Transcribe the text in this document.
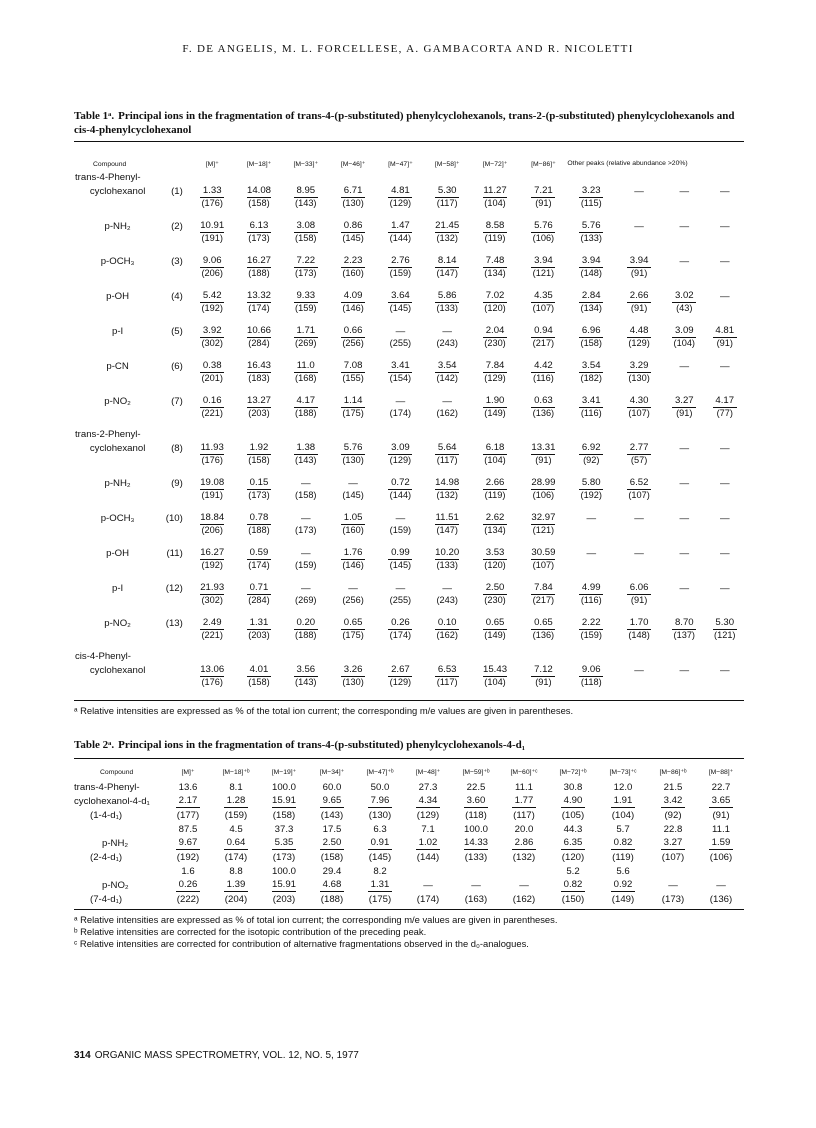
F. DE ANGELIS, M. L. FORCELLESE, A. GAMBACORTA AND R. NICOLETTI
Table 1ᵃ. Principal ions in the fragmentation of trans-4-(p-substituted) phenylcyclohexanols, trans-2-(p-substituted) phenylcyclohexanols and cis-4-phenylcyclohexanol
Compound		[M]⁺	[M−18]⁺	[M−33]⁺	[M−46]⁺	[M−47]⁺	[M−58]⁺	[M−72]⁺	[M−86]⁺	Other peaks (relative abundance >20%)			
trans-4-Phenyl-													
cyclohexanol	(1)	1.33	14.08	8.95	6.71	4.81	5.30	11.27	7.21	3.23	—	—	—
		(176)	(158)	(143)	(130)	(129)	(117)	(104)	(91)	(115)			
p-NH₂	(2)	10.91	6.13	3.08	0.86	1.47	21.45	8.58	5.76	5.76	—	—	—
		(191)	(173)	(158)	(145)	(144)	(132)	(119)	(106)	(133)			
p-OCH₃	(3)	9.06	16.27	7.22	2.23	2.76	8.14	7.48	3.94	3.94	3.94	—	—
		(206)	(188)	(173)	(160)	(159)	(147)	(134)	(121)	(148)	(91)		
p-OH	(4)	5.42	13.32	9.33	4.09	3.64	5.86	7.02	4.35	2.84	2.66	3.02	—
		(192)	(174)	(159)	(146)	(145)	(133)	(120)	(107)	(134)	(91)	(43)	
p-I	(5)	3.92	10.66	1.71	0.66	—	—	2.04	0.94	6.96	4.48	3.09	4.81
		(302)	(284)	(269)	(256)	(255)	(243)	(230)	(217)	(158)	(129)	(104)	(91)
p-CN	(6)	0.38	16.43	11.0	7.08	3.41	3.54	7.84	4.42	3.54	3.29	—	—
		(201)	(183)	(168)	(155)	(154)	(142)	(129)	(116)	(182)	(130)		
p-NO₂	(7)	0.16	13.27	4.17	1.14	—	—	1.90	0.63	3.41	4.30	3.27	4.17
		(221)	(203)	(188)	(175)	(174)	(162)	(149)	(136)	(116)	(107)	(91)	(77)
trans-2-Phenyl-													
cyclohexanol	(8)	11.93	1.92	1.38	5.76	3.09	5.64	6.18	13.31	6.92	2.77	—	—
		(176)	(158)	(143)	(130)	(129)	(117)	(104)	(91)	(92)	(57)		
p-NH₂	(9)	19.08	0.15	—	—	0.72	14.98	2.66	28.99	5.80	6.52	—	—
		(191)	(173)	(158)	(145)	(144)	(132)	(119)	(106)	(192)	(107)		
p-OCH₃	(10)	18.84	0.78	—	1.05	—	11.51	2.62	32.97	—	—	—	—
		(206)	(188)	(173)	(160)	(159)	(147)	(134)	(121)				
p-OH	(11)	16.27	0.59	—	1.76	0.99	10.20	3.53	30.59	—	—	—	—
		(192)	(174)	(159)	(146)	(145)	(133)	(120)	(107)				
p-I	(12)	21.93	0.71	—	—	—	—	2.50	7.84	4.99	6.06	—	—
		(302)	(284)	(269)	(256)	(255)	(243)	(230)	(217)	(116)	(91)		
p-NO₂	(13)	2.49	1.31	0.20	0.65	0.26	0.10	0.65	0.65	2.22	1.70	8.70	5.30
		(221)	(203)	(188)	(175)	(174)	(162)	(149)	(136)	(159)	(148)	(137)	(121)
cis-4-Phenyl-													
cyclohexanol		13.06	4.01	3.56	3.26	2.67	6.53	15.43	7.12	9.06	—	—	—
		(176)	(158)	(143)	(130)	(129)	(117)	(104)	(91)	(118)			

ᵃ Relative intensities are expressed as % of the total ion current; the corresponding m/e values are given in parentheses.

Table 2ᵃ. Principal ions in the fragmentation of trans-4-(p-substituted) phenylcyclohexanols-4-d₁
Compound	[M]⁺	[M−18]⁺ᵇ	[M−19]⁺	[M−34]⁺	[M−47]⁺ᵇ	[M−48]⁺	[M−59]⁺ᵇ	[M−60]⁺ᶜ	[M−72]⁺ᵇ	[M−73]⁺ᶜ	[M−86]⁺ᵇ	[M−88]⁺
trans-4-Phenyl-	13.6	8.1	100.0	60.0	50.0	27.3	22.5	11.1	30.8	12.0	21.5	22.7
cyclohexanol-4-d₁	2.17	1.28	15.91	9.65	7.96	4.34	3.60	1.77	4.90	1.91	3.42	3.65
(1-4-d₁)	(177)	(159)	(158)	(143)	(130)	(129)	(118)	(117)	(105)	(104)	(92)	(91)
	87.5	4.5	37.3	17.5	6.3	7.1	100.0	20.0	44.3	5.7	22.8	11.1
p-NH₂	9.67	0.64	5.35	2.50	0.91	1.02	14.33	2.86	6.35	0.82	3.27	1.59
(2-4-d₁)	(192)	(174)	(173)	(158)	(145)	(144)	(133)	(132)	(120)	(119)	(107)	(106)
	1.6	8.8	100.0	29.4	8.2				5.2	5.6		
p-NO₂	0.26	1.39	15.91	4.68	1.31	—	—	—	0.82	0.92	—	—
(7-4-d₁)	(222)	(204)	(203)	(188)	(175)	(174)	(163)	(162)	(150)	(149)	(173)	(136)

ᵃ Relative intensities are expressed as % of total ion current; the corresponding m/e values are given in parentheses.

ᵇ Relative intensities are corrected for the isotopic contribution of the preceding peak.

ᶜ Relative intensities are corrected for contribution of alternative fragmentations observed in the d₀-analogues.

314 ORGANIC MASS SPECTROMETRY, VOL. 12, NO. 5, 1977
